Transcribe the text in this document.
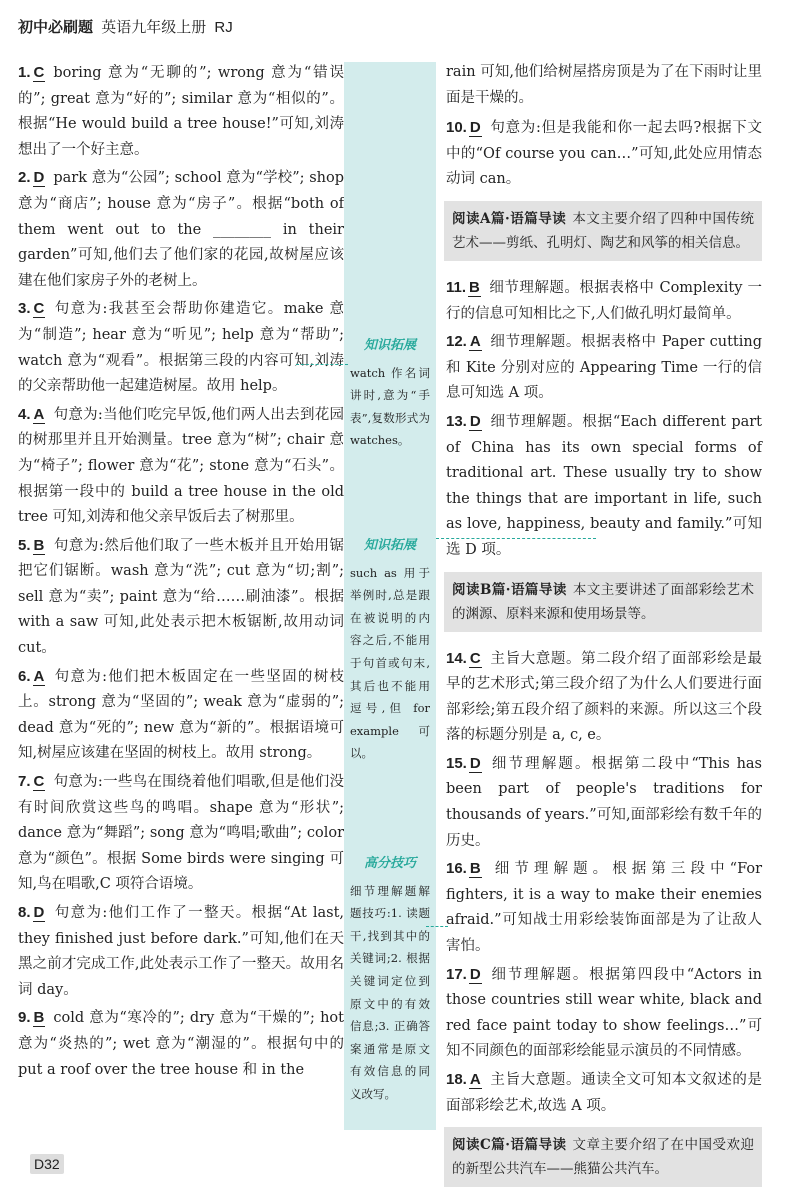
初中必刷题 英语九年级上册 RJ
1. C boring 意为“无聊的”; wrong 意为“错误的”; great 意为“好的”; similar 意为“相似的”。根据“He would build a tree house!”可知,刘涛想出了一个好主意。
2. D park 意为“公园”; school 意为“学校”; shop 意为“商店”; house 意为“房子”。根据“both of them went out to the ________ in their garden”可知,他们去了他们家的花园,故树屋应该建在他们家房子外的老树上。
3. C 句意为:我甚至会帮助你建造它。make 意为“制造”; hear 意为“听见”; help 意为“帮助”; watch 意为“观看”。根据第三段的内容可知,刘涛的父亲帮助他一起建造树屋。故用 help。
4. A 句意为:当他们吃完早饭,他们两人出去到花园的树那里并且开始测量。tree 意为“树”; chair 意为“椅子”; flower 意为“花”; stone 意为“石头”。根据第一段中的 build a tree house in the old tree 可知,刘涛和他父亲早饭后去了树那里。
5. B 句意为:然后他们取了一些木板并且开始用锯把它们锯断。wash 意为“洗”; cut 意为“切;割”; sell 意为“卖”; paint 意为“给……刷油漆”。根据 with a saw 可知,此处表示把木板锯断,故用动词 cut。
6. A 句意为:他们把木板固定在一些坚固的树枝上。strong 意为“坚固的”; weak 意为“虚弱的”; dead 意为“死的”; new 意为“新的”。根据语境可知,树屋应该建在坚固的树枝上。故用 strong。
7. C 句意为:一些鸟在围绕着他们唱歌,但是他们没有时间欣赏这些鸟的鸣唱。shape 意为“形状”; dance 意为“舞蹈”; song 意为“鸣唱;歌曲”; color 意为“颜色”。根据 Some birds were singing 可知,鸟在唱歌,C 项符合语境。
8. D 句意为:他们工作了一整天。根据“At last, they finished just before dark.”可知,他们在天黑之前才完成工作,此处表示工作了一整天。故用名词 day。
9. B cold 意为“寒冷的”; dry 意为“干燥的”; hot 意为“炎热的”; wet 意为“潮湿的”。根据句中的 put a roof over the tree house 和 in the
知识拓展
watch 作名词讲时,意为“手表”,复数形式为 watches。
知识拓展
such as 用于举例时,总是跟在被说明的内容之后,不能用于句首或句末,其后也不能用逗号,但 for example 可以。
高分技巧
细节理解题解题技巧:1. 读题干,找到其中的关键词;2. 根据关键词定位到原文中的有效信息;3. 正确答案通常是原文有效信息的同义改写。
rain 可知,他们给树屋搭房顶是为了在下雨时让里面是干燥的。
10. D 句意为:但是我能和你一起去吗?根据下文中的“Of course you can…”可知,此处应用情态动词 can。
阅读A篇·语篇导读 本文主要介绍了四种中国传统艺术——剪纸、孔明灯、陶艺和风筝的相关信息。
11. B 细节理解题。根据表格中 Complexity 一行的信息可知相比之下,人们做孔明灯最简单。
12. A 细节理解题。根据表格中 Paper cutting 和 Kite 分别对应的 Appearing Time 一行的信息可知选 A 项。
13. D 细节理解题。根据“Each different part of China has its own special forms of traditional art. These usually try to show the things that are important in life, such as love, happiness, beauty and family.”可知选 D 项。
阅读B篇·语篇导读 本文主要讲述了面部彩绘艺术的渊源、原料来源和使用场景等。
14. C 主旨大意题。第二段介绍了面部彩绘是最早的艺术形式;第三段介绍了为什么人们要进行面部彩绘;第五段介绍了颜料的来源。所以这三个段落的标题分别是 a, c, e。
15. D 细节理解题。根据第二段中“This has been part of people's traditions for thousands of years.”可知,面部彩绘有数千年的历史。
16. B 细节理解题。根据第三段中“For fighters, it is a way to make their enemies afraid.”可知战士用彩绘装饰面部是为了让敌人害怕。
17. D 细节理解题。根据第四段中“Actors in those countries still wear white, black and red face paint today to show feelings…”可知不同颜色的面部彩绘能显示演员的不同情感。
18. A 主旨大意题。通读全文可知本文叙述的是面部彩绘艺术,故选 A 项。
阅读C篇·语篇导读 文章主要介绍了在中国受欢迎的新型公共汽车——熊猫公共汽车。
D32
